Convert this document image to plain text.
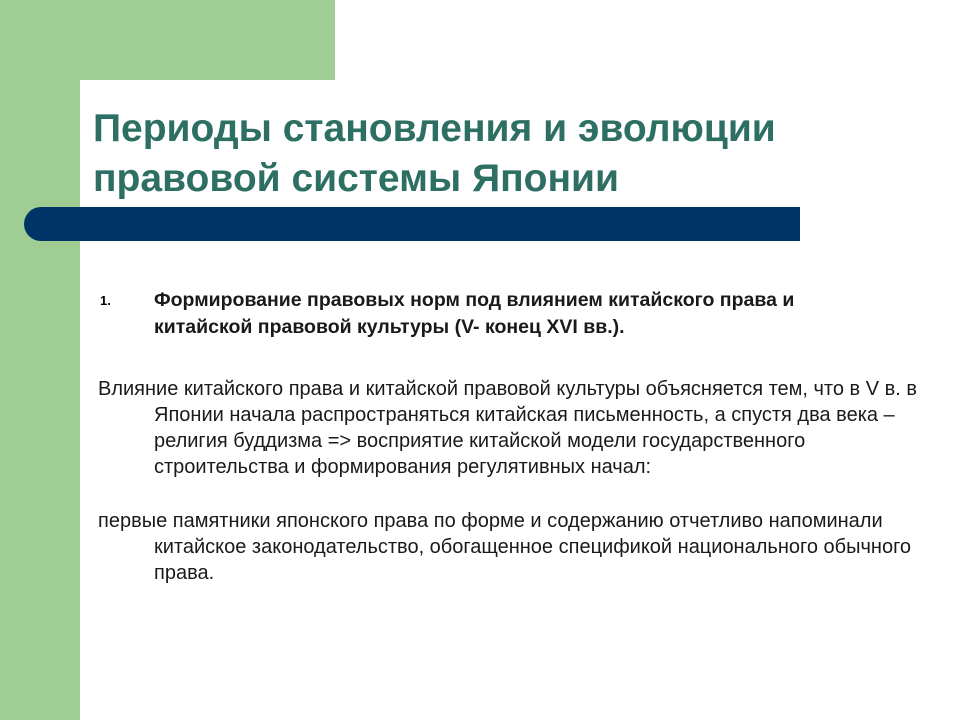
Периоды становления и эволюции правовой системы Японии
1. Формирование правовых норм под влиянием китайского права и китайской правовой культуры (V- конец XVI вв.).

Влияние китайского права и китайской правовой культуры объясняется тем, что в V в. в Японии начала распространяться китайская письменность, а спустя два века – религия буддизма => восприятие китайской модели государственного строительства и формирования регулятивных начал:

первые памятники японского права по форме и содержанию отчетливо напоминали китайское законодательство, обогащенное спецификой национального обычного права.
